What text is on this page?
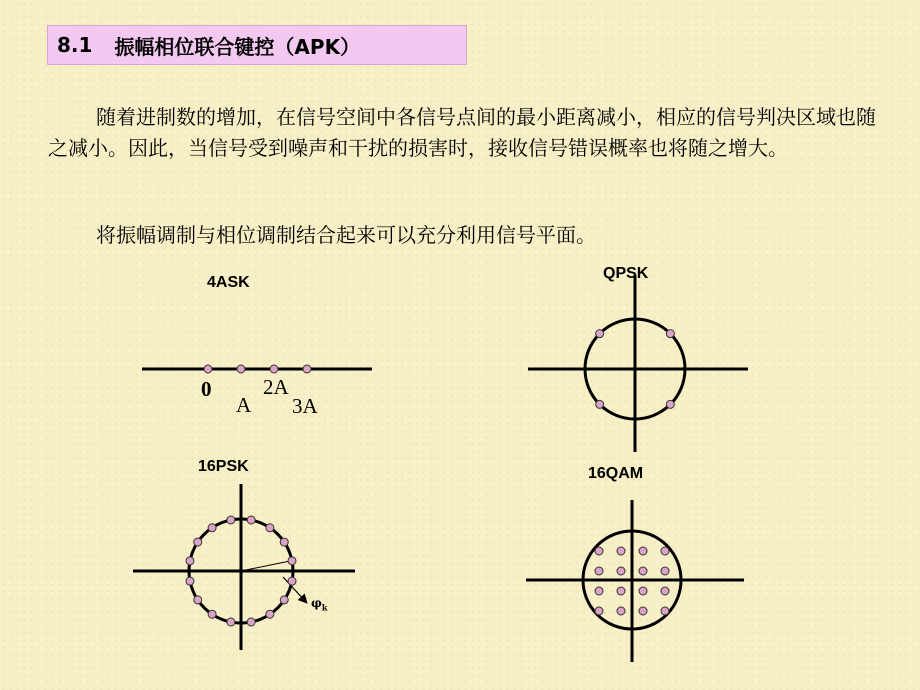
8.1 振幅相位联合键控（APK）

随着进制数的增加，在信号空间中各信号点间的最小距离减小，相应的信号判决区域也随之减小。因此，当信号受到噪声和干扰的损害时，接收信号错误概率也将随之增大。

将振幅调制与相位调制结合起来可以充分利用信号平面。

4ASK
QPSK
16PSK	16QAM
0
A
2A
3A
$\varphi_k$
